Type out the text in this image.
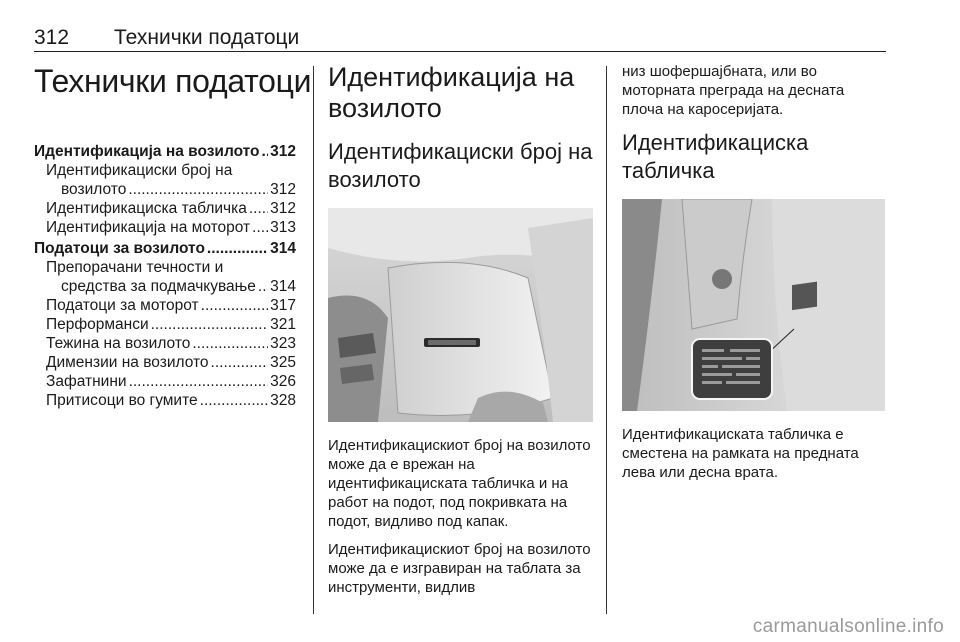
312 Технички податоци
Технички податоци
Идентификација на возилото ..... 312
Идентификациски број на
возилото .....	312
Идентификациска табличка ..... 312
Идентификација на моторот ..... 313
Податоци за возилото .....	314
Препорачани течности и
средства за подмачкување ..... 314
Податоци за моторот .....	317
Перформанси .....	321
Тежина на возилото .....	323
Димензии на возилото .....	325
Зафатнини .....	326
Притисоци во гумите .....	328
Идентификација на возилото
Идентификациски број на возилото

Идентификацискиот број на возилото може да е врежан на идентификациската табличка и на работ на подот, под покривката на подот, видливо под капак.

Идентификацискиот број на возилото може да е изгравиран на таблата за инструменти, видлив

низ шофершајбната, или во моторната преграда на десната плоча на каросеријата.

Идентификациска табличка

Идентификациската табличка е сместена на рамката на предната лева или десна врата.

carmanualsonline.info
